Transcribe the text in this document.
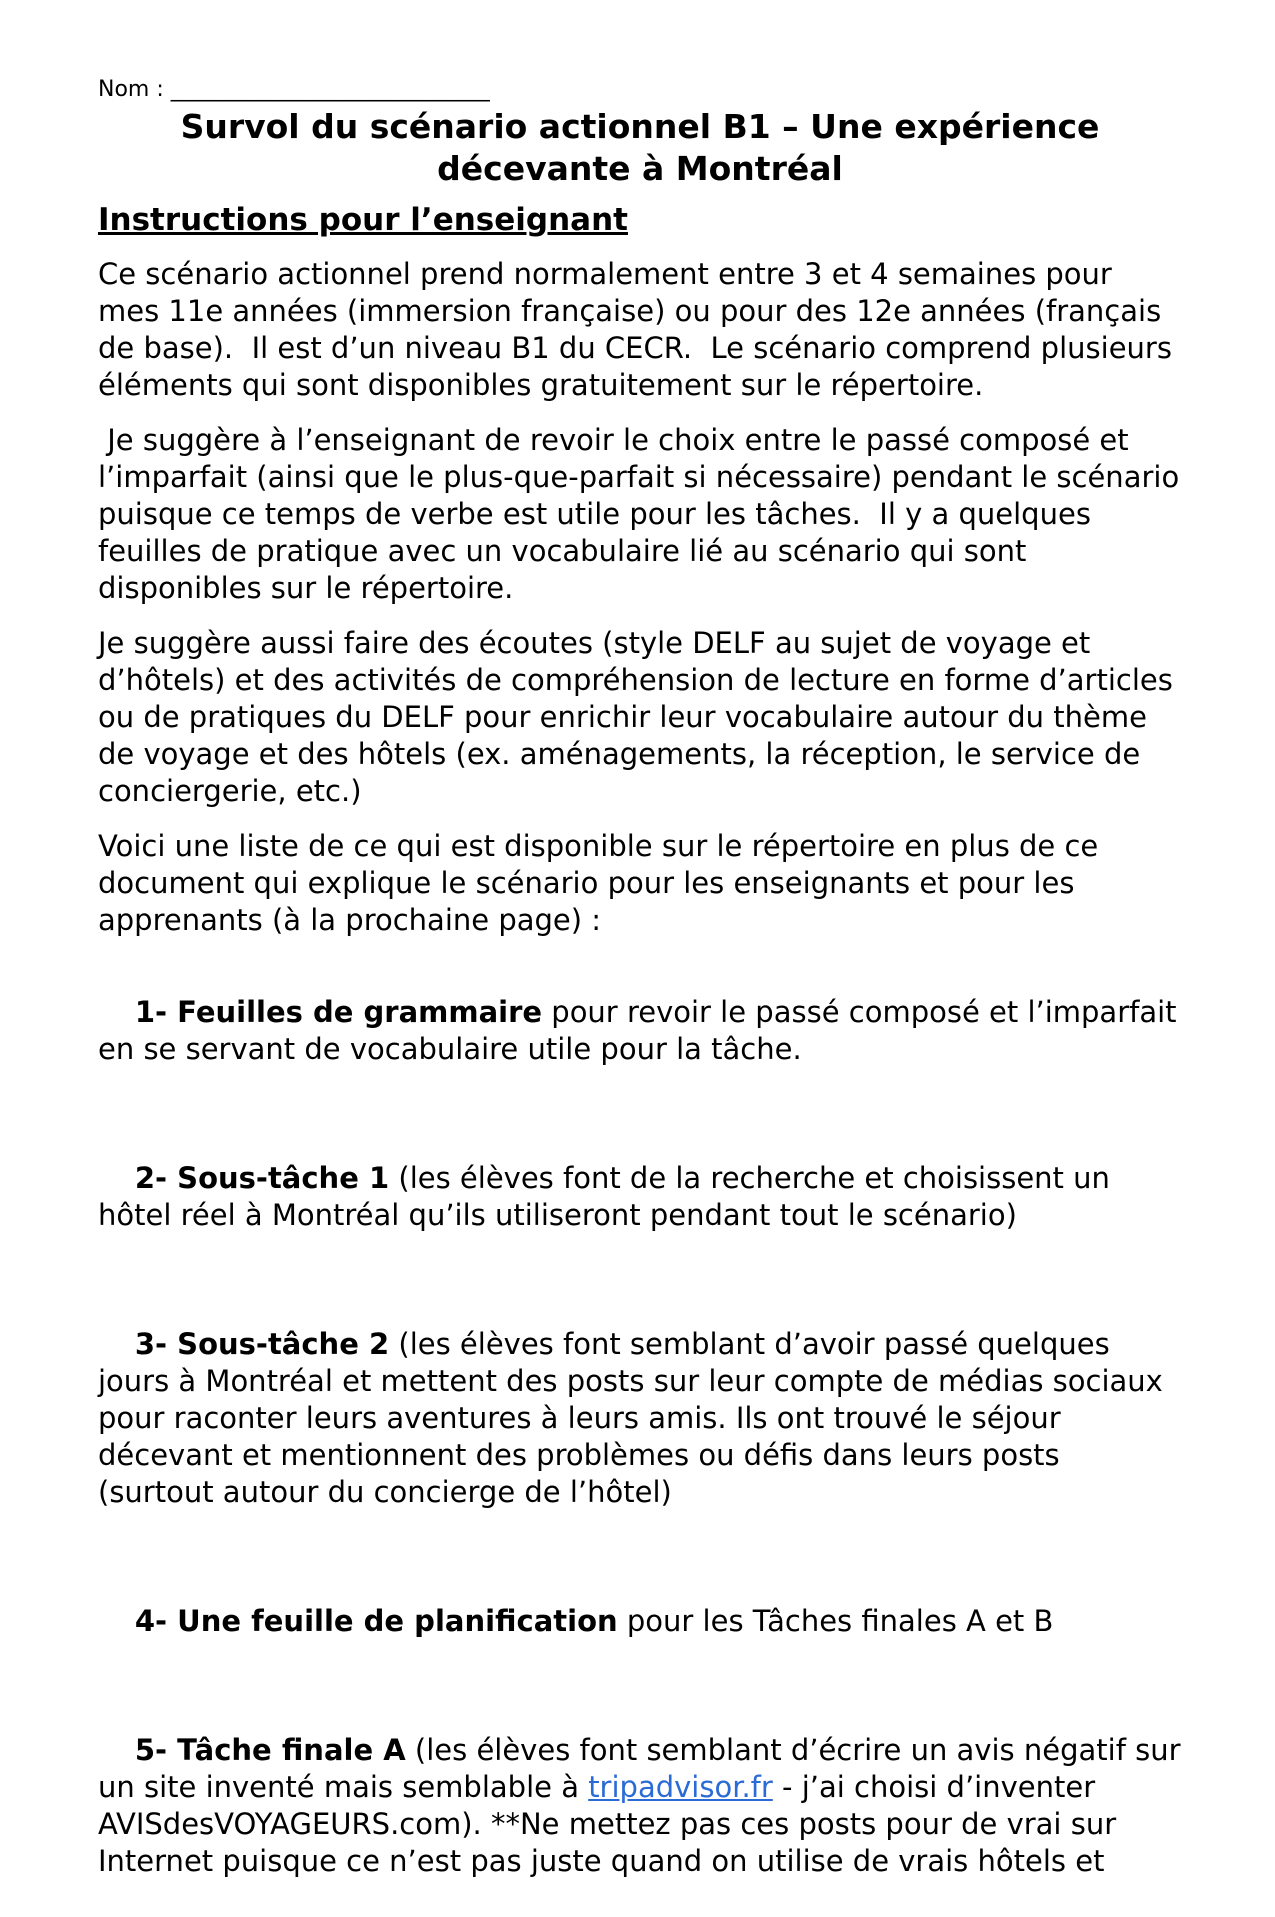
Nom : _____________________________

Survol du scénario actionnel B1 – Une expérience décevante à Montréal
Instructions pour l’enseignant

Ce scénario actionnel prend normalement entre 3 et 4 semaines pour mes 11e années (immersion française) ou pour des 12e années (français de base).  Il est d’un niveau B1 du CECR.  Le scénario comprend plusieurs éléments qui sont disponibles gratuitement sur le répertoire.

Je suggère à l’enseignant de revoir le choix entre le passé composé et l’imparfait (ainsi que le plus-que-parfait si nécessaire) pendant le scénario puisque ce temps de verbe est utile pour les tâches.  Il y a quelques feuilles de pratique avec un vocabulaire lié au scénario qui sont disponibles sur le répertoire.

Je suggère aussi faire des écoutes (style DELF au sujet de voyage et d’hôtels) et des activités de compréhension de lecture en forme d’articles ou de pratiques du DELF pour enrichir leur vocabulaire autour du thème de voyage et des hôtels (ex. aménagements, la réception, le service de conciergerie, etc.)

Voici une liste de ce qui est disponible sur le répertoire en plus de ce document qui explique le scénario pour les enseignants et pour les apprenants (à la prochaine page) :

1- Feuilles de grammaire pour revoir le passé composé et l’imparfait en se servant de vocabulaire utile pour la tâche.

2- Sous-tâche 1 (les élèves font de la recherche et choisissent un hôtel réel à Montréal qu’ils utiliseront pendant tout le scénario)

3- Sous-tâche 2 (les élèves font semblant d’avoir passé quelques jours à Montréal et mettent des posts sur leur compte de médias sociaux pour raconter leurs aventures à leurs amis. Ils ont trouvé le séjour décevant et mentionnent des problèmes ou défis dans leurs posts (surtout autour du concierge de l’hôtel)

4- Une feuille de planification pour les Tâches finales A et B

5- Tâche finale A (les élèves font semblant d’écrire un avis négatif sur un site inventé mais semblable à tripadvisor.fr - j’ai choisi d’inventer AVISdesVOYAGEURS.com). **Ne mettez pas ces posts pour de vrai sur Internet puisque ce n’est pas juste quand on utilise de vrais hôtels et
